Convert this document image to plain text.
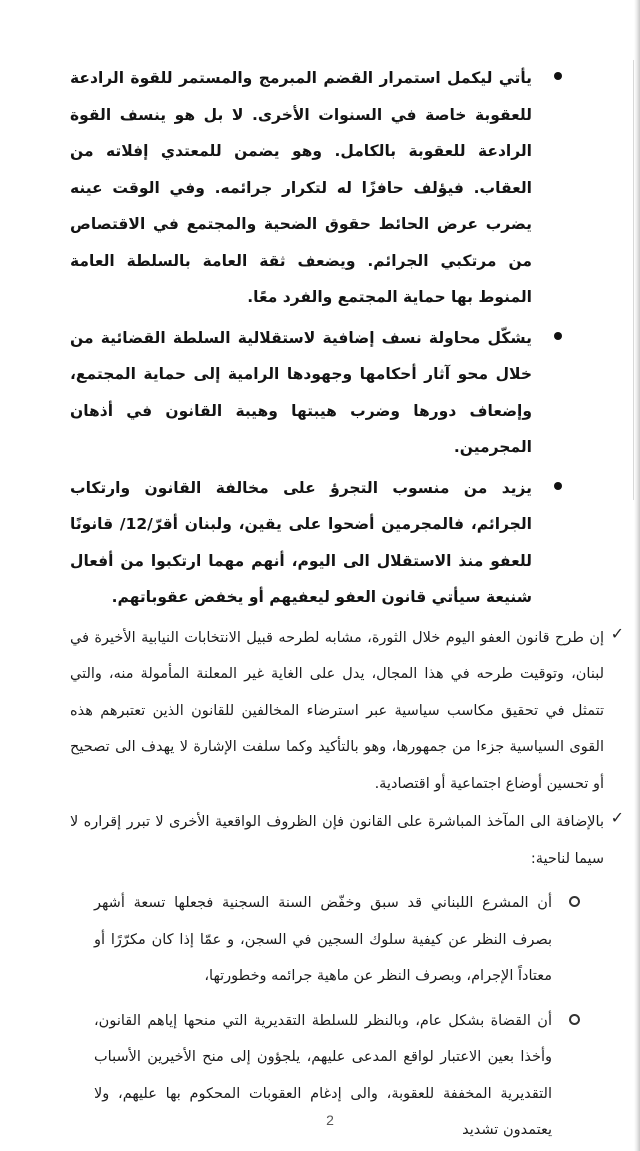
يأتي ليكمل استمرار القضم المبرمج والمستمر للقوة الرادعة للعقوبة خاصة في السنوات الأخرى. لا بل هو ينسف القوة الرادعة للعقوبة بالكامل. وهو يضمن للمعتدي إفلاته من العقاب. فيؤلف حافزًا له لتكرار جرائمه. وفي الوقت عينه يضرب عرض الحائط حقوق الضحية والمجتمع في الاقتصاص من مرتكبي الجرائم. ويضعف ثقة العامة بالسلطة العامة المنوط بها حماية المجتمع والفرد معًا.
يشكّل محاولة نسف إضافية لاستقلالية السلطة القضائية من خلال محو آثار أحكامها وجهودها الرامية إلى حماية المجتمع، وإضعاف دورها وضرب هيبتها وهيبة القانون في أذهان المجرمين.
يزيد من منسوب التجرؤ على مخالفة القانون وارتكاب الجرائم، فالمجرمين أضحوا على يقين، ولبنان أقرّ/12/ قانونًا للعفو منذ الاستقلال الى اليوم، أنهم مهما ارتكبوا من أفعال شنيعة سيأتي قانون العفو ليعفيهم أو يخفض عقوباتهم.
✓
إن طرح قانون العفو اليوم خلال الثورة، مشابه لطرحه قبيل الانتخابات النيابية الأخيرة في لبنان، وتوقيت طرحه في هذا المجال، يدل على الغاية غير المعلنة المأمولة منه، والتي تتمثل في تحقيق مكاسب سياسية عبر استرضاء المخالفين للقانون الذين تعتبرهم هذه القوى السياسية جزءا من جمهورها، وهو بالتأكيد وكما سلفت الإشارة لا يهدف الى تصحيح أو تحسين أوضاع اجتماعية أو اقتصادية.
✓
بالإضافة الى المآخذ المباشرة على القانون فإن الظروف الواقعية الأخرى لا تبرر إقراره لا سيما لناحية:
أن المشرع اللبناني قد سبق وخفّض السنة السجنية فجعلها تسعة أشهر بصرف النظر عن كيفية سلوك السجين في السجن، و عمّا إذا كان مكرّرًا أو معتاداً الإجرام، وبصرف النظر عن ماهية جرائمه وخطورتها،
أن القضاة بشكل عام، وبالنظر للسلطة التقديرية التي منحها إياهم القانون، وأخذا بعين الاعتبار لواقع المدعى عليهم، يلجؤون إلى منح الأخيرين الأسباب التقديرية المخففة للعقوبة، والى إدغام العقوبات المحكوم بها عليهم، ولا يعتمدون تشديد
2
